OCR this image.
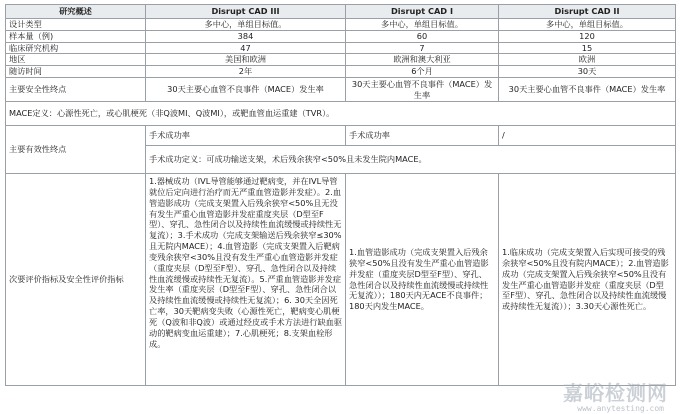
研究概述	Disrupt CAD III	Disrupt CAD I	Disrupt CAD II
设计类型	多中心，单组目标值。	多中心，单组目标值。	多中心，单组目标值。
样本量（例)	384	60	120
临床研究机构	47	7	15
地区	美国和欧洲	欧洲和澳大利亚	欧洲
随访时间	2年	6个月	30天
主要安全性终点	30天主要心血管不良事件（MACE）发生率	30天主要心血管不良事件（MACE）发生率	30天主要心血管不良事件（MACE）发生率
MACE定义：心源性死亡，或心肌梗死（非Q波MI、Q波MI），或靶血管血运重建（TVR）。			
主要有效性终点	手术成功率	手术成功率	/
	手术成功定义：可成功输送支架，术后残余狭窄<50%且未发生院内MACE。		
次要评价指标及安全性评价指标	1.器械成功（IVL导管能够通过靶病变，并在IVL导管就位后定向进行治疗而无严重血管造影并发症）。2.血管造影成功（完成支架置入后残余狭窄<50%且无没有发生严重心血管造影并发症重度夹层（D型至F型）、穿孔、急性闭合以及持续性血流缓慢或持续性无复流）；3.手术成功（完成支架输送后残余狭窄≤30%且无院内MACE）；4.血管造影（完成支架置入后靶病变残余狭窄<30%且没有发生严重心血管造影并发症（重度夹层（D型至F型）、穿孔、急性闭合以及持续性血流缓慢或持续性无复流）。5.严重血管造影并发症发生率（重度夹层（D型至F型）、穿孔、急性闭合以及持续性血流缓慢或持续性无复流）；6. 30天全因死亡率，30天靶病变失败（心源性死亡，靶病变心肌梗死（Q波和非Q波）或通过经皮或手术方法进行缺血驱动的靶病变血运重建）；7.心肌梗死；8.支架血栓形成。	1.血管造影成功（完成支架置入后残余狭窄<50%且没有发生严重心血管造影并发症（重度夹层D型至F型）、穿孔、急性闭合以及持续性血流缓慢或持续性无复流））；180天内无ACE不良事件；180天内发生MACE。	1.临床成功（完成支架置入后实现可接受的残余狭窄<50%且没有院内MACE）；2.血管造影成功（完成支架置入后残余狭窄<50%且没有发生严重心血管造影并发症（重度夹层（D型至F型）、穿孔、急性闭合以及持续性血流缓慢或持续性无复流））；3.30天心源性死亡。
嘉峪检测网
www.anytesting.com
